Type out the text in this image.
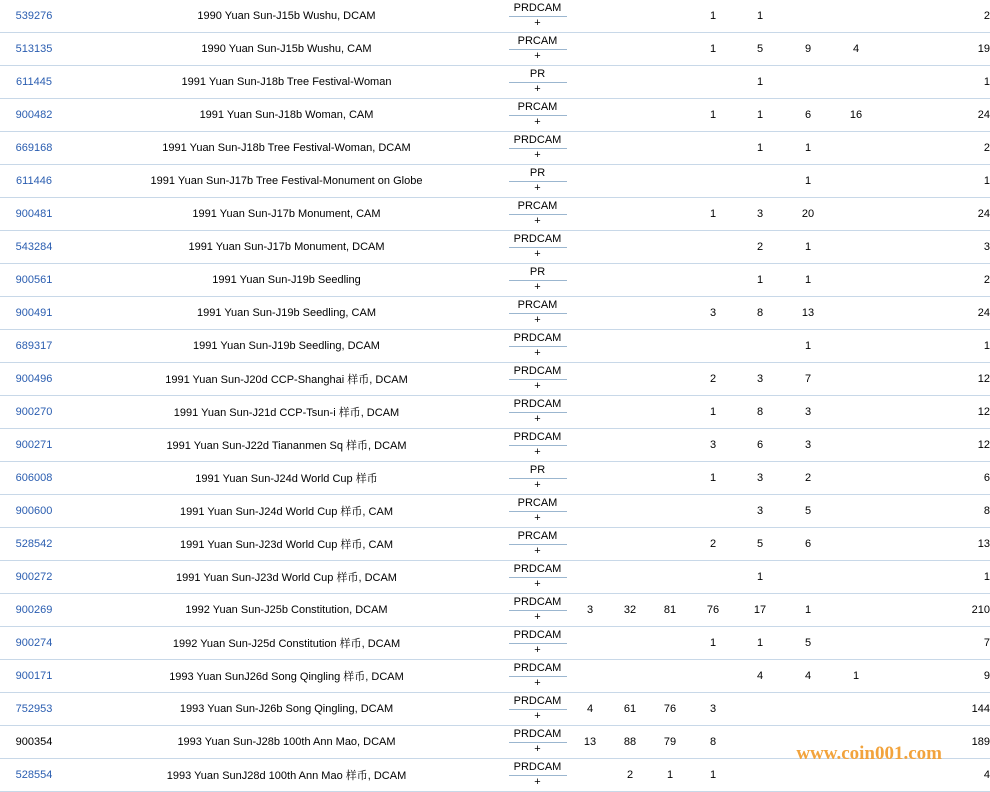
539276	1990 Yuan Sun-J15b Wushu, DCAM	PRDCAM
+				1	1				2
513135	1990 Yuan Sun-J15b Wushu, CAM	PRCAM
+				1	5	9	4		19
611445	1991 Yuan Sun-J18b Tree Festival-Woman	PR
+					1				1
900482	1991 Yuan Sun-J18b Woman, CAM	PRCAM
+				1	1	6	16		24
669168	1991 Yuan Sun-J18b Tree Festival-Woman, DCAM	PRDCAM
+					1	1			2
611446	1991 Yuan Sun-J17b Tree Festival-Monument on Globe	PR
+						1			1
900481	1991 Yuan Sun-J17b Monument, CAM	PRCAM
+				1	3	20			24
543284	1991 Yuan Sun-J17b Monument, DCAM	PRDCAM
+					2	1			3
900561	1991 Yuan Sun-J19b Seedling	PR
+					1	1			2
900491	1991 Yuan Sun-J19b Seedling, CAM	PRCAM
+				3	8	13			24
689317	1991 Yuan Sun-J19b Seedling, DCAM	PRDCAM
+						1			1
900496	1991 Yuan Sun-J20d CCP-Shanghai 样币, DCAM	PRDCAM
+				2	3	7			12
900270	1991 Yuan Sun-J21d CCP-Tsun-i 样币, DCAM	PRDCAM
+				1	8	3			12
900271	1991 Yuan Sun-J22d Tiananmen Sq 样币, DCAM	PRDCAM
+				3	6	3			12
606008	1991 Yuan Sun-J24d World Cup 样币	PR
+				1	3	2			6
900600	1991 Yuan Sun-J24d World Cup 样币, CAM	PRCAM
+					3	5			8
528542	1991 Yuan Sun-J23d World Cup 样币, CAM	PRCAM
+				2	5	6			13
900272	1991 Yuan Sun-J23d World Cup 样币, DCAM	PRDCAM
+					1				1
900269	1992 Yuan Sun-J25b Constitution, DCAM	PRDCAM
+	3	32	81	76	17	1			210
900274	1992 Yuan Sun-J25d Constitution 样币, DCAM	PRDCAM
+				1	1	5			7
900171	1993 Yuan SunJ26d Song Qingling 样币, DCAM	PRDCAM
+					4	4	1		9
752953	1993 Yuan Sun-J26b Song Qingling, DCAM	PRDCAM
+	4	61	76	3					144
900354	1993 Yuan Sun-J28b 100th Ann Mao, DCAM	PRDCAM
+	13	88	79	8					189
528554	1993 Yuan SunJ28d 100th Ann Mao 样币, DCAM	PRDCAM
+		2	1	1					4
www.coin001.com
